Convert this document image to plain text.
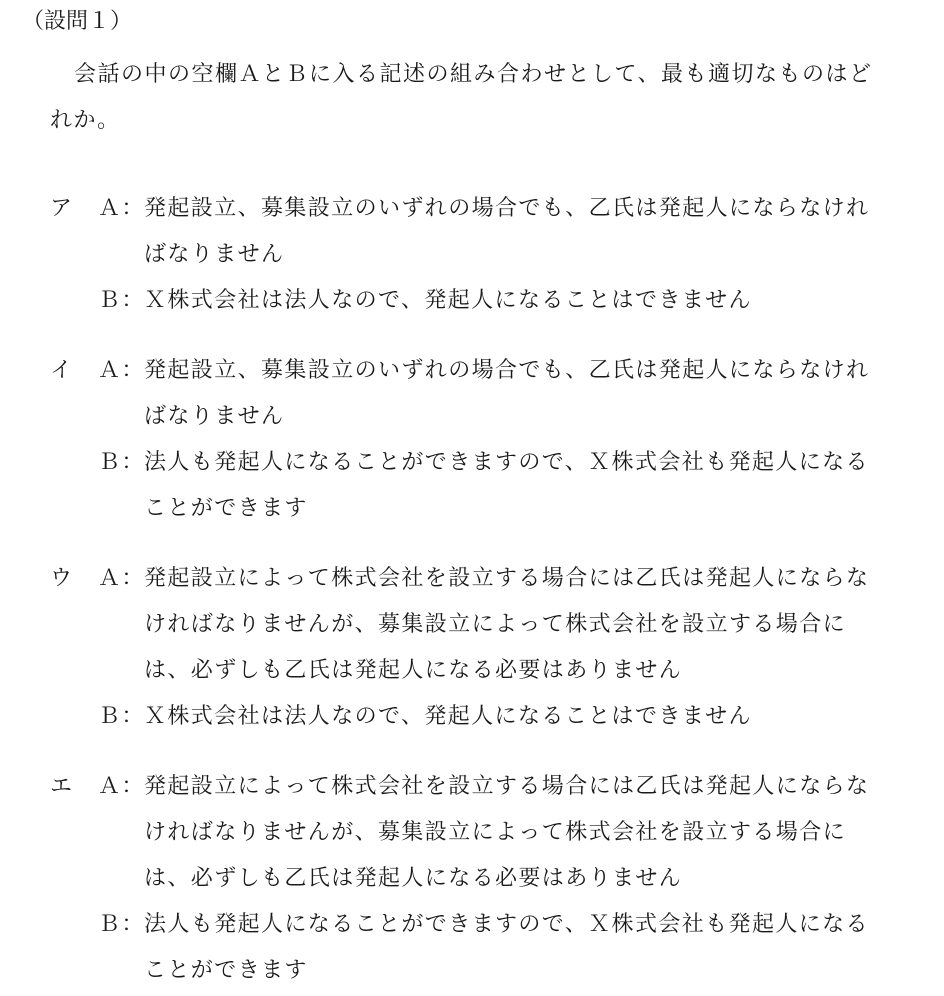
（設問１）
会話の中の空欄ＡとＢに入る記述の組み合わせとして、最も適切なものはどれか。
ア	Ａ： 発起設立、募集設立のいずれの場合でも、乙氏は発起人にならなければなりません
Ｂ： Ｘ株式会社は法人なので、発起人になることはできません
イ	Ａ： 発起設立、募集設立のいずれの場合でも、乙氏は発起人にならなければなりません
Ｂ： 法人も発起人になることができますので、Ｘ株式会社も発起人になることができます
ウ	Ａ： 発起設立によって株式会社を設立する場合には乙氏は発起人にならなければなりませんが、募集設立によって株式会社を設立する場合には、必ずしも乙氏は発起人になる必要はありません
Ｂ： Ｘ株式会社は法人なので、発起人になることはできません
エ	Ａ： 発起設立によって株式会社を設立する場合には乙氏は発起人にならなければなりませんが、募集設立によって株式会社を設立する場合には、必ずしも乙氏は発起人になる必要はありません
Ｂ： 法人も発起人になることができますので、Ｘ株式会社も発起人になることができます
